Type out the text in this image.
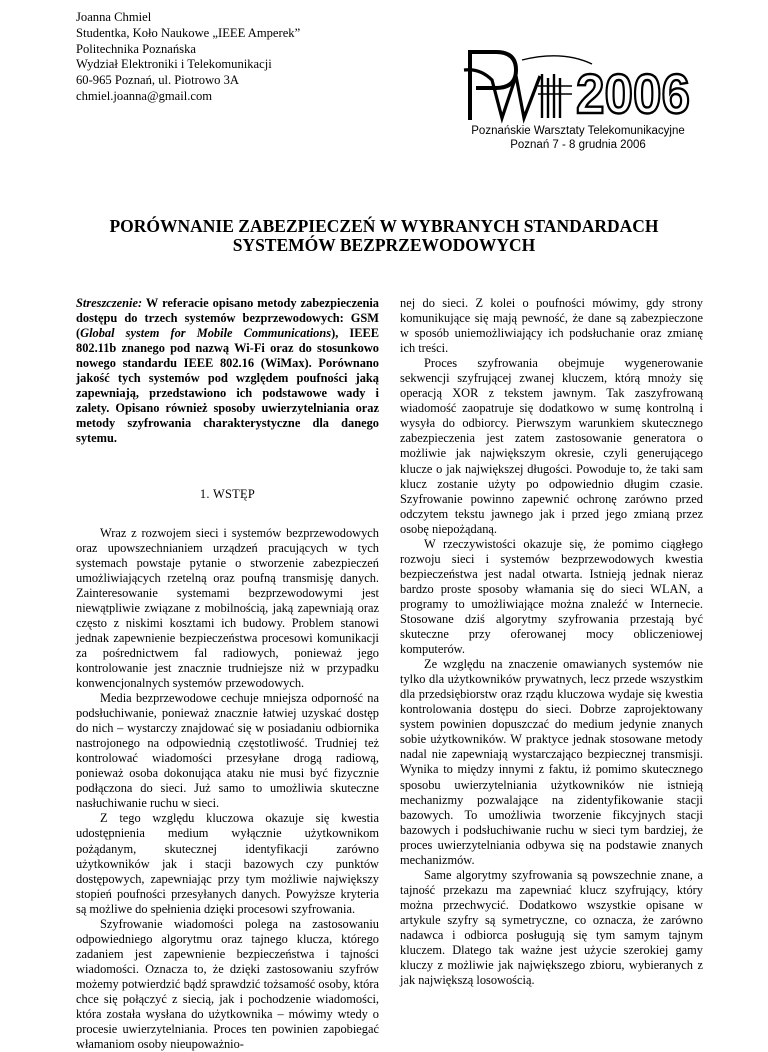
Joanna Chmiel
Studentka, Koło Naukowe „IEEE Amperek”
Politechnika Poznańska
Wydział Elektroniki i Telekomunikacji
60-965 Poznań, ul. Piotrowo 3A
chmiel.joanna@gmail.com	2006
Poznańskie Warsztaty Telekomunikacyjne
Poznań 7 - 8 grudnia 2006
PORÓWNANIE ZABEZPIECZEŃ W WYBRANYCH STANDARDACH
SYSTEMÓW BEZPRZEWODOWYCH
Streszczenie: W referacie opisano metody zabezpieczenia dostępu do trzech systemów bezprzewodowych: GSM (Global system for Mobile Communications), IEEE 802.11b znanego pod nazwą Wi-Fi oraz do stosunkowo nowego standardu IEEE 802.16 (WiMax). Porównano jakość tych systemów pod względem poufności jaką zapewniają, przedstawiono ich podstawowe wady i zalety. Opisano również sposoby uwierzytelniania oraz metody szyfrowania charakterystyczne dla danego sytemu.
1. WSTĘP

Wraz z rozwojem sieci i systemów bezprzewodowych oraz upowszechnianiem urządzeń pracujących w tych systemach powstaje pytanie o stworzenie zabezpieczeń umożliwiających rzetelną oraz poufną transmisję danych. Zainteresowanie systemami bezprzewodowymi jest niewątpliwie związane z mobilnością, jaką zapewniają oraz często z niskimi kosztami ich budowy. Problem stanowi jednak zapewnienie bezpieczeństwa procesowi komunikacji za pośrednictwem fal radiowych, ponieważ jego kontrolowanie jest znacznie trudniejsze niż w przypadku konwencjonalnych systemów przewodowych.

Media bezprzewodowe cechuje mniejsza odporność na podsłuchiwanie, ponieważ znacznie łatwiej uzyskać dostęp do nich – wystarczy znajdować się w posiadaniu odbiornika nastrojonego na odpowiednią częstotliwość. Trudniej też kontrolować wiadomości przesyłane drogą radiową, ponieważ osoba dokonująca ataku nie musi być fizycznie podłączona do sieci. Już samo to umożliwia skuteczne nasłuchiwanie ruchu w sieci.

Z tego względu kluczowa okazuje się kwestia udostępnienia medium wyłącznie użytkownikom pożądanym, skutecznej identyfikacji zarówno użytkowników jak i stacji bazowych czy punktów dostępowych, zapewniając przy tym możliwie największy stopień poufności przesyłanych danych. Powyższe kryteria są możliwe do spełnienia dzięki procesowi szyfrowania.

Szyfrowanie wiadomości polega na zastosowaniu odpowiedniego algorytmu oraz tajnego klucza, którego zadaniem jest zapewnienie bezpieczeństwa i tajności wiadomości. Oznacza to, że dzięki zastosowaniu szyfrów możemy potwierdzić bądź sprawdzić tożsamość osoby, która chce się połączyć z siecią, jak i pochodzenie wiadomości, która została wysłana do użytkownika – mówimy wtedy o procesie uwierzytelniania. Proces ten powinien zapobiegać włamaniom osoby nieupoważnio-

nej do sieci. Z kolei o poufności mówimy, gdy strony komunikujące się mają pewność, że dane są zabezpieczone w sposób uniemożliwiający ich podsłuchanie oraz zmianę ich treści.

Proces szyfrowania obejmuje wygenerowanie sekwencji szyfrującej zwanej kluczem, którą mnoży się operacją XOR z tekstem jawnym. Tak zaszyfrowaną wiadomość zaopatruje się dodatkowo w sumę kontrolną i wysyła do odbiorcy. Pierwszym warunkiem skutecznego zabezpieczenia jest zatem zastosowanie generatora o możliwie jak największym okresie, czyli generującego klucze o jak największej długości. Powoduje to, że taki sam klucz zostanie użyty po odpowiednio długim czasie. Szyfrowanie powinno zapewnić ochronę zarówno przed odczytem tekstu jawnego jak i przed jego zmianą przez osobę niepożądaną.

W rzeczywistości okazuje się, że pomimo ciągłego rozwoju sieci i systemów bezprzewodowych kwestia bezpieczeństwa jest nadal otwarta. Istnieją jednak nieraz bardzo proste sposoby włamania się do sieci WLAN, a programy to umożliwiające można znaleźć w Internecie. Stosowane dziś algorytmy szyfrowania przestają być skuteczne przy oferowanej mocy obliczeniowej komputerów.

Ze względu na znaczenie omawianych systemów nie tylko dla użytkowników prywatnych, lecz przede wszystkim dla przedsiębiorstw oraz rządu kluczowa wydaje się kwestia kontrolowania dostępu do sieci. Dobrze zaprojektowany system powinien dopuszczać do medium jedynie znanych sobie użytkowników. W praktyce jednak stosowane metody nadal nie zapewniają wystarczająco bezpiecznej transmisji. Wynika to między innymi z faktu, iż pomimo skutecznego sposobu uwierzytelniania użytkowników nie istnieją mechanizmy pozwalające na zidentyfikowanie stacji bazowych. To umożliwia tworzenie fikcyjnych stacji bazowych i podsłuchiwanie ruchu w sieci tym bardziej, że proces uwierzytelniania odbywa się na podstawie znanych mechanizmów.

Same algorytmy szyfrowania są powszechnie znane, a tajność przekazu ma zapewniać klucz szyfrujący, który można przechwycić. Dodatkowo wszystkie opisane w artykule szyfry są symetryczne, co oznacza, że zarówno nadawca i odbiorca posługują się tym samym tajnym kluczem. Dlatego tak ważne jest użycie szerokiej gamy kluczy z możliwie jak największego zbioru, wybieranych z jak największą losowością.
